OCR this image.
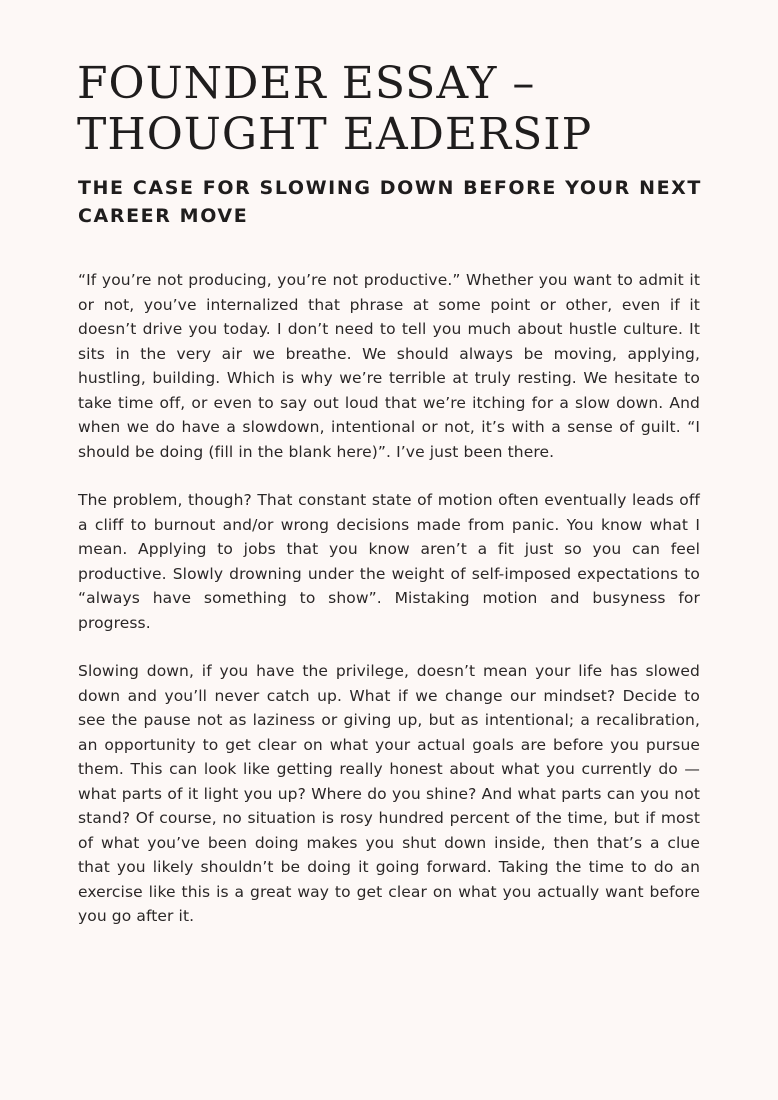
FOUNDER ESSAY – THOUGHT EADERSIP
THE CASE FOR SLOWING DOWN BEFORE YOUR NEXT CAREER MOVE

“If you’re not producing, you’re not productive.” Whether you want to admit it or not, you’ve internalized that phrase at some point or other, even if it doesn’t drive you today. I don’t need to tell you much about hustle culture. It sits in the very air we breathe. We should always be moving, applying, hustling, building. Which is why we’re terrible at truly resting. We hesitate to take time off, or even to say out loud that we’re itching for a slow down. And when we do have a slowdown, intentional or not, it’s with a sense of guilt. “I should be doing (fill in the blank here)”. I’ve just been there.

The problem, though? That constant state of motion often eventually leads off a cliff to burnout and/or wrong decisions made from panic. You know what I mean. Applying to jobs that you know aren’t a fit just so you can feel productive. Slowly drowning under the weight of self-imposed expectations to “always have something to show”. Mistaking motion and busyness for progress.

Slowing down, if you have the privilege, doesn’t mean your life has slowed down and you’ll never catch up. What if we change our mindset? Decide to see the pause not as laziness or giving up, but as intentional; a recalibration, an opportunity to get clear on what your actual goals are before you pursue them. This can look like getting really honest about what you currently do — what parts of it light you up? Where do you shine? And what parts can you not stand? Of course, no situation is rosy hundred percent of the time, but if most of what you’ve been doing makes you shut down inside, then that’s a clue that you likely shouldn’t be doing it going forward. Taking the time to do an exercise like this is a great way to get clear on what you actually want before you go after it.
